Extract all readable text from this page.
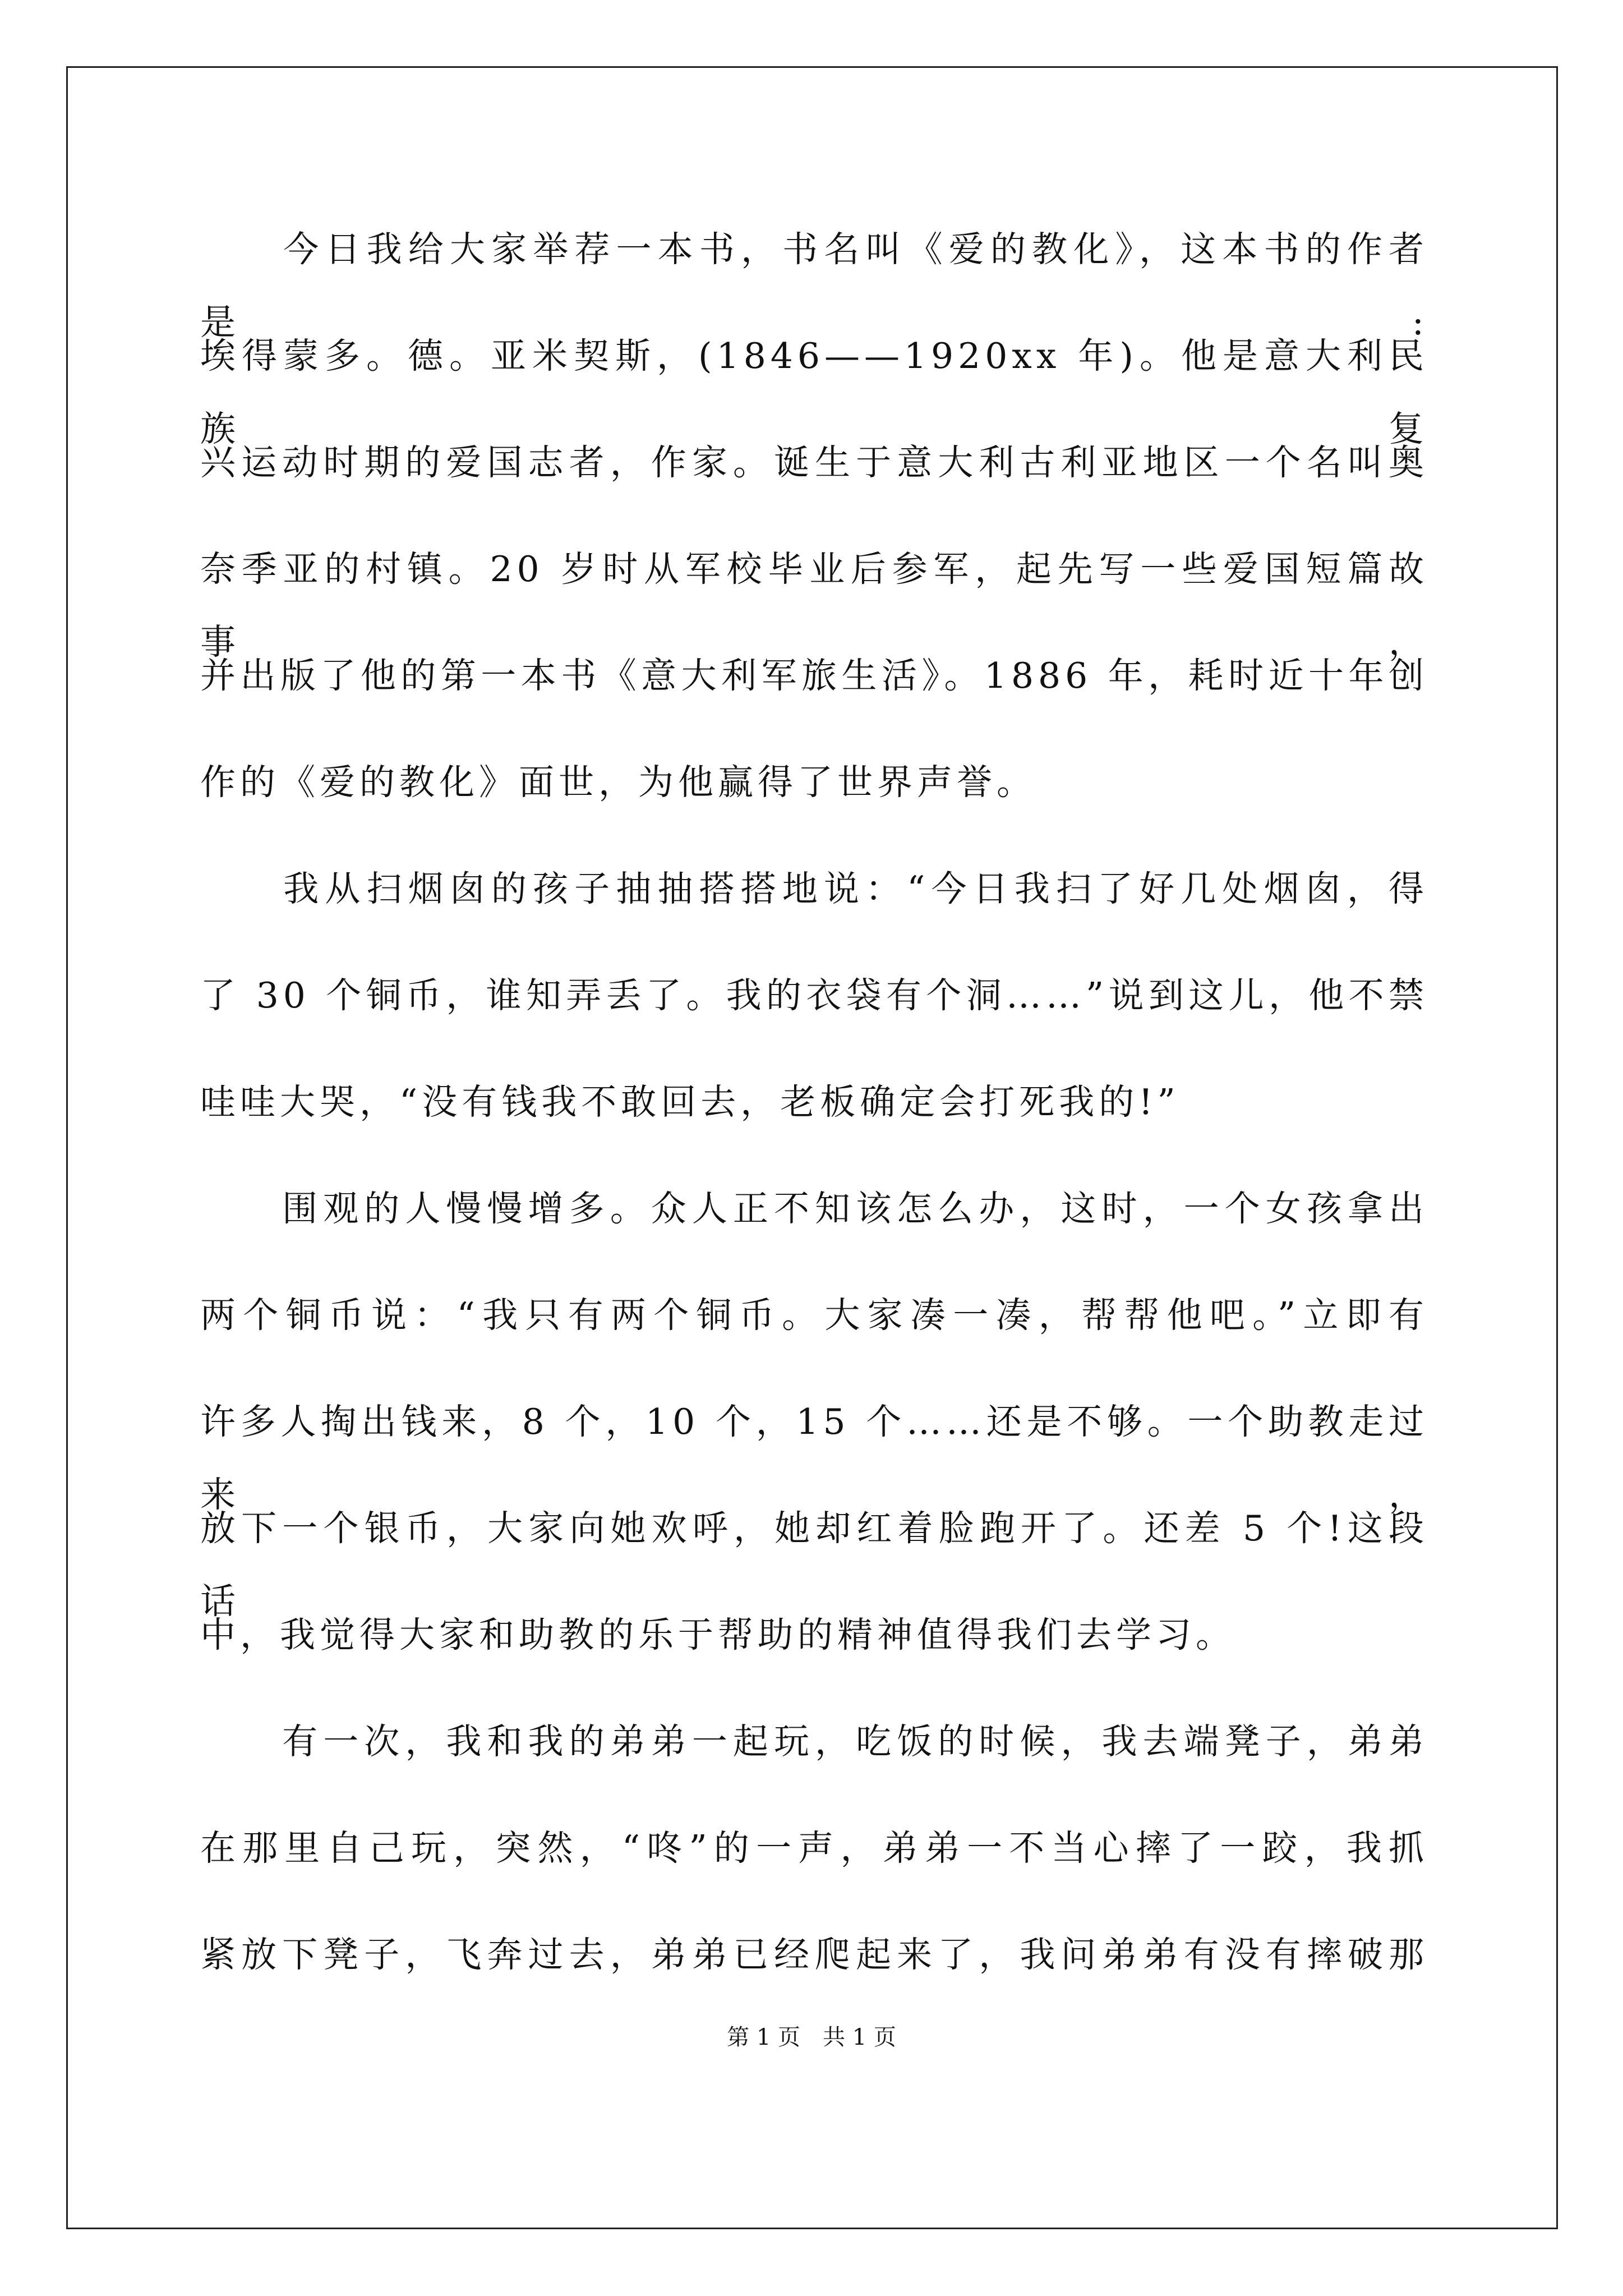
　　今日我给大家举荐一本书，书名叫《爱的教化》，这本书的作者是:
埃得蒙多。德。亚米契斯，(1846——1920xx 年)。他是意大利民族复
兴运动时期的爱国志者，作家。诞生于意大利古利亚地区一个名叫奥
奈季亚的村镇。20 岁时从军校毕业后参军，起先写一些爱国短篇故事，
并出版了他的第一本书《意大利军旅生活》。1886 年，耗时近十年创
作的《爱的教化》面世，为他赢得了世界声誉。
　　我从扫烟囱的孩子抽抽搭搭地说：“今日我扫了好几处烟囱，得
了 30 个铜币，谁知弄丢了。我的衣袋有个洞……”说到这儿，他不禁
哇哇大哭，“没有钱我不敢回去，老板确定会打死我的!”
　　围观的人慢慢增多。众人正不知该怎么办，这时，一个女孩拿出
两个铜币说：“我只有两个铜币。大家凑一凑，帮帮他吧。”立即有
许多人掏出钱来，8 个，10 个，15 个……还是不够。一个助教走过来，
放下一个银币，大家向她欢呼，她却红着脸跑开了。还差 5 个!这段话
中，我觉得大家和助教的乐于帮助的精神值得我们去学习。
　　有一次，我和我的弟弟一起玩，吃饭的时候，我去端凳子，弟弟
在那里自己玩，突然，“咚”的一声，弟弟一不当心摔了一跤，我抓
紧放下凳子，飞奔过去，弟弟已经爬起来了，我问弟弟有没有摔破那
第 1 页　共 1 页
